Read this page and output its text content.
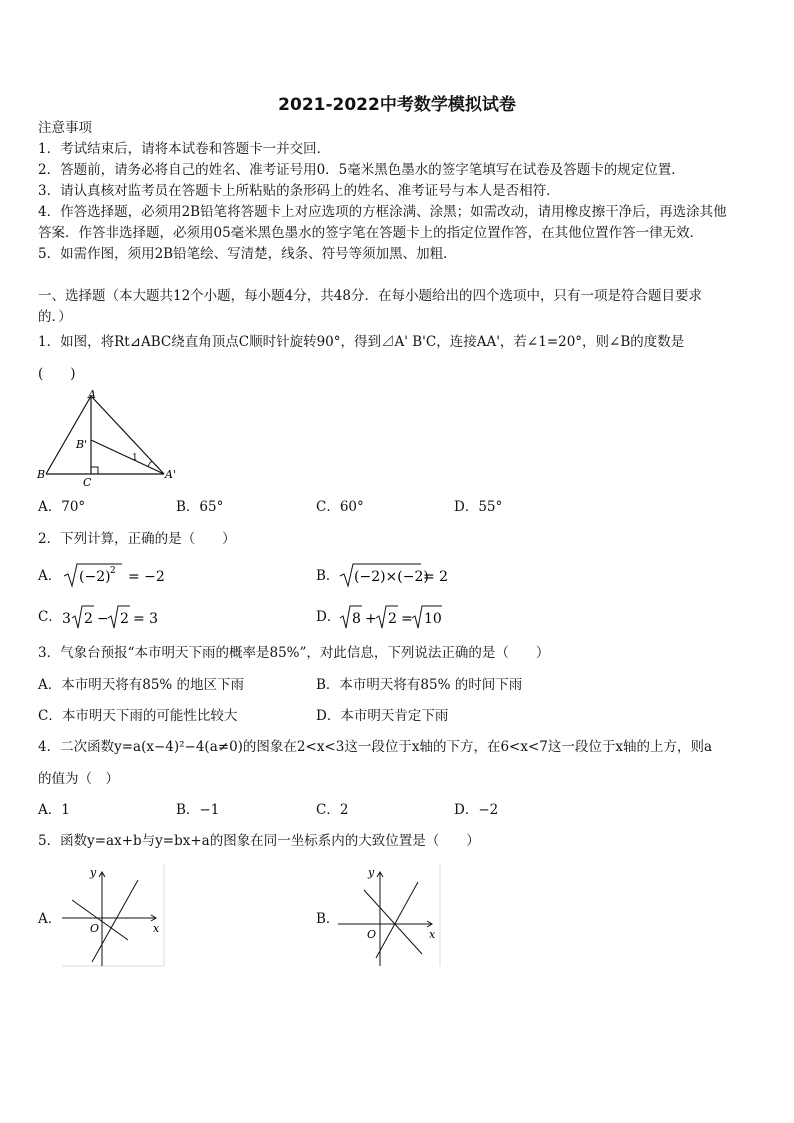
2021-2022中考数学模拟试卷
注意事项
1．考试结束后，请将本试卷和答题卡一并交回．
2．答题前，请务必将自己的姓名、准考证号用0．5毫米黑色墨水的签字笔填写在试卷及答题卡的规定位置．
3．请认真核对监考员在答题卡上所粘贴的条形码上的姓名、准考证号与本人是否相符．
4．作答选择题，必须用2B铅笔将答题卡上对应选项的方框涂满、涂黑；如需改动，请用橡皮擦干净后，再选涂其他
答案．作答非选择题，必须用05毫米黑色墨水的签字笔在答题卡上的指定位置作答，在其他位置作答一律无效．
5．如需作图，须用2B铅笔绘、写清楚，线条、符号等须加黑、加粗．
一、选择题（本大题共12个小题，每小题4分，共48分．在每小题给出的四个选项中，只有一项是符合题目要求
的．）
1．如图，将Rt⊿ABC绕直角顶点C顺时针旋转90°，得到⊿A' B'C，连接AA'，若∠1=20°，则∠B的度数是
(　　)
A
B
B'
C
A'
1
A．70°	B．65°	C．60°	D．55°
2．下列计算，正确的是（　　）
A． (−2) 2 = −2	B． (−2)×(−2)
= 2
C． 3 2 − 2 = 3	D． 8 + 2 = 10
3．气象台预报“本市明天下雨的概率是85%”，对此信息，下列说法正确的是（　　）
A．本市明天将有85% 的地区下雨	B．本市明天将有85% 的时间下雨
C．本市明天下雨的可能性比较大	D．本市明天肯定下雨
4．二次函数y=a(x−4)²−4(a≠0)的图象在2<x<3这一段位于x轴的下方，在6<x<7这一段位于x轴的上方，则a
的值为（　）
A．1	B．−1	C．2	D．−2
5．函数y=ax+b与y=bx+a的图象在同一坐标系内的大致位置是（　　）
A．
y
x
O
B．
y
x
O
